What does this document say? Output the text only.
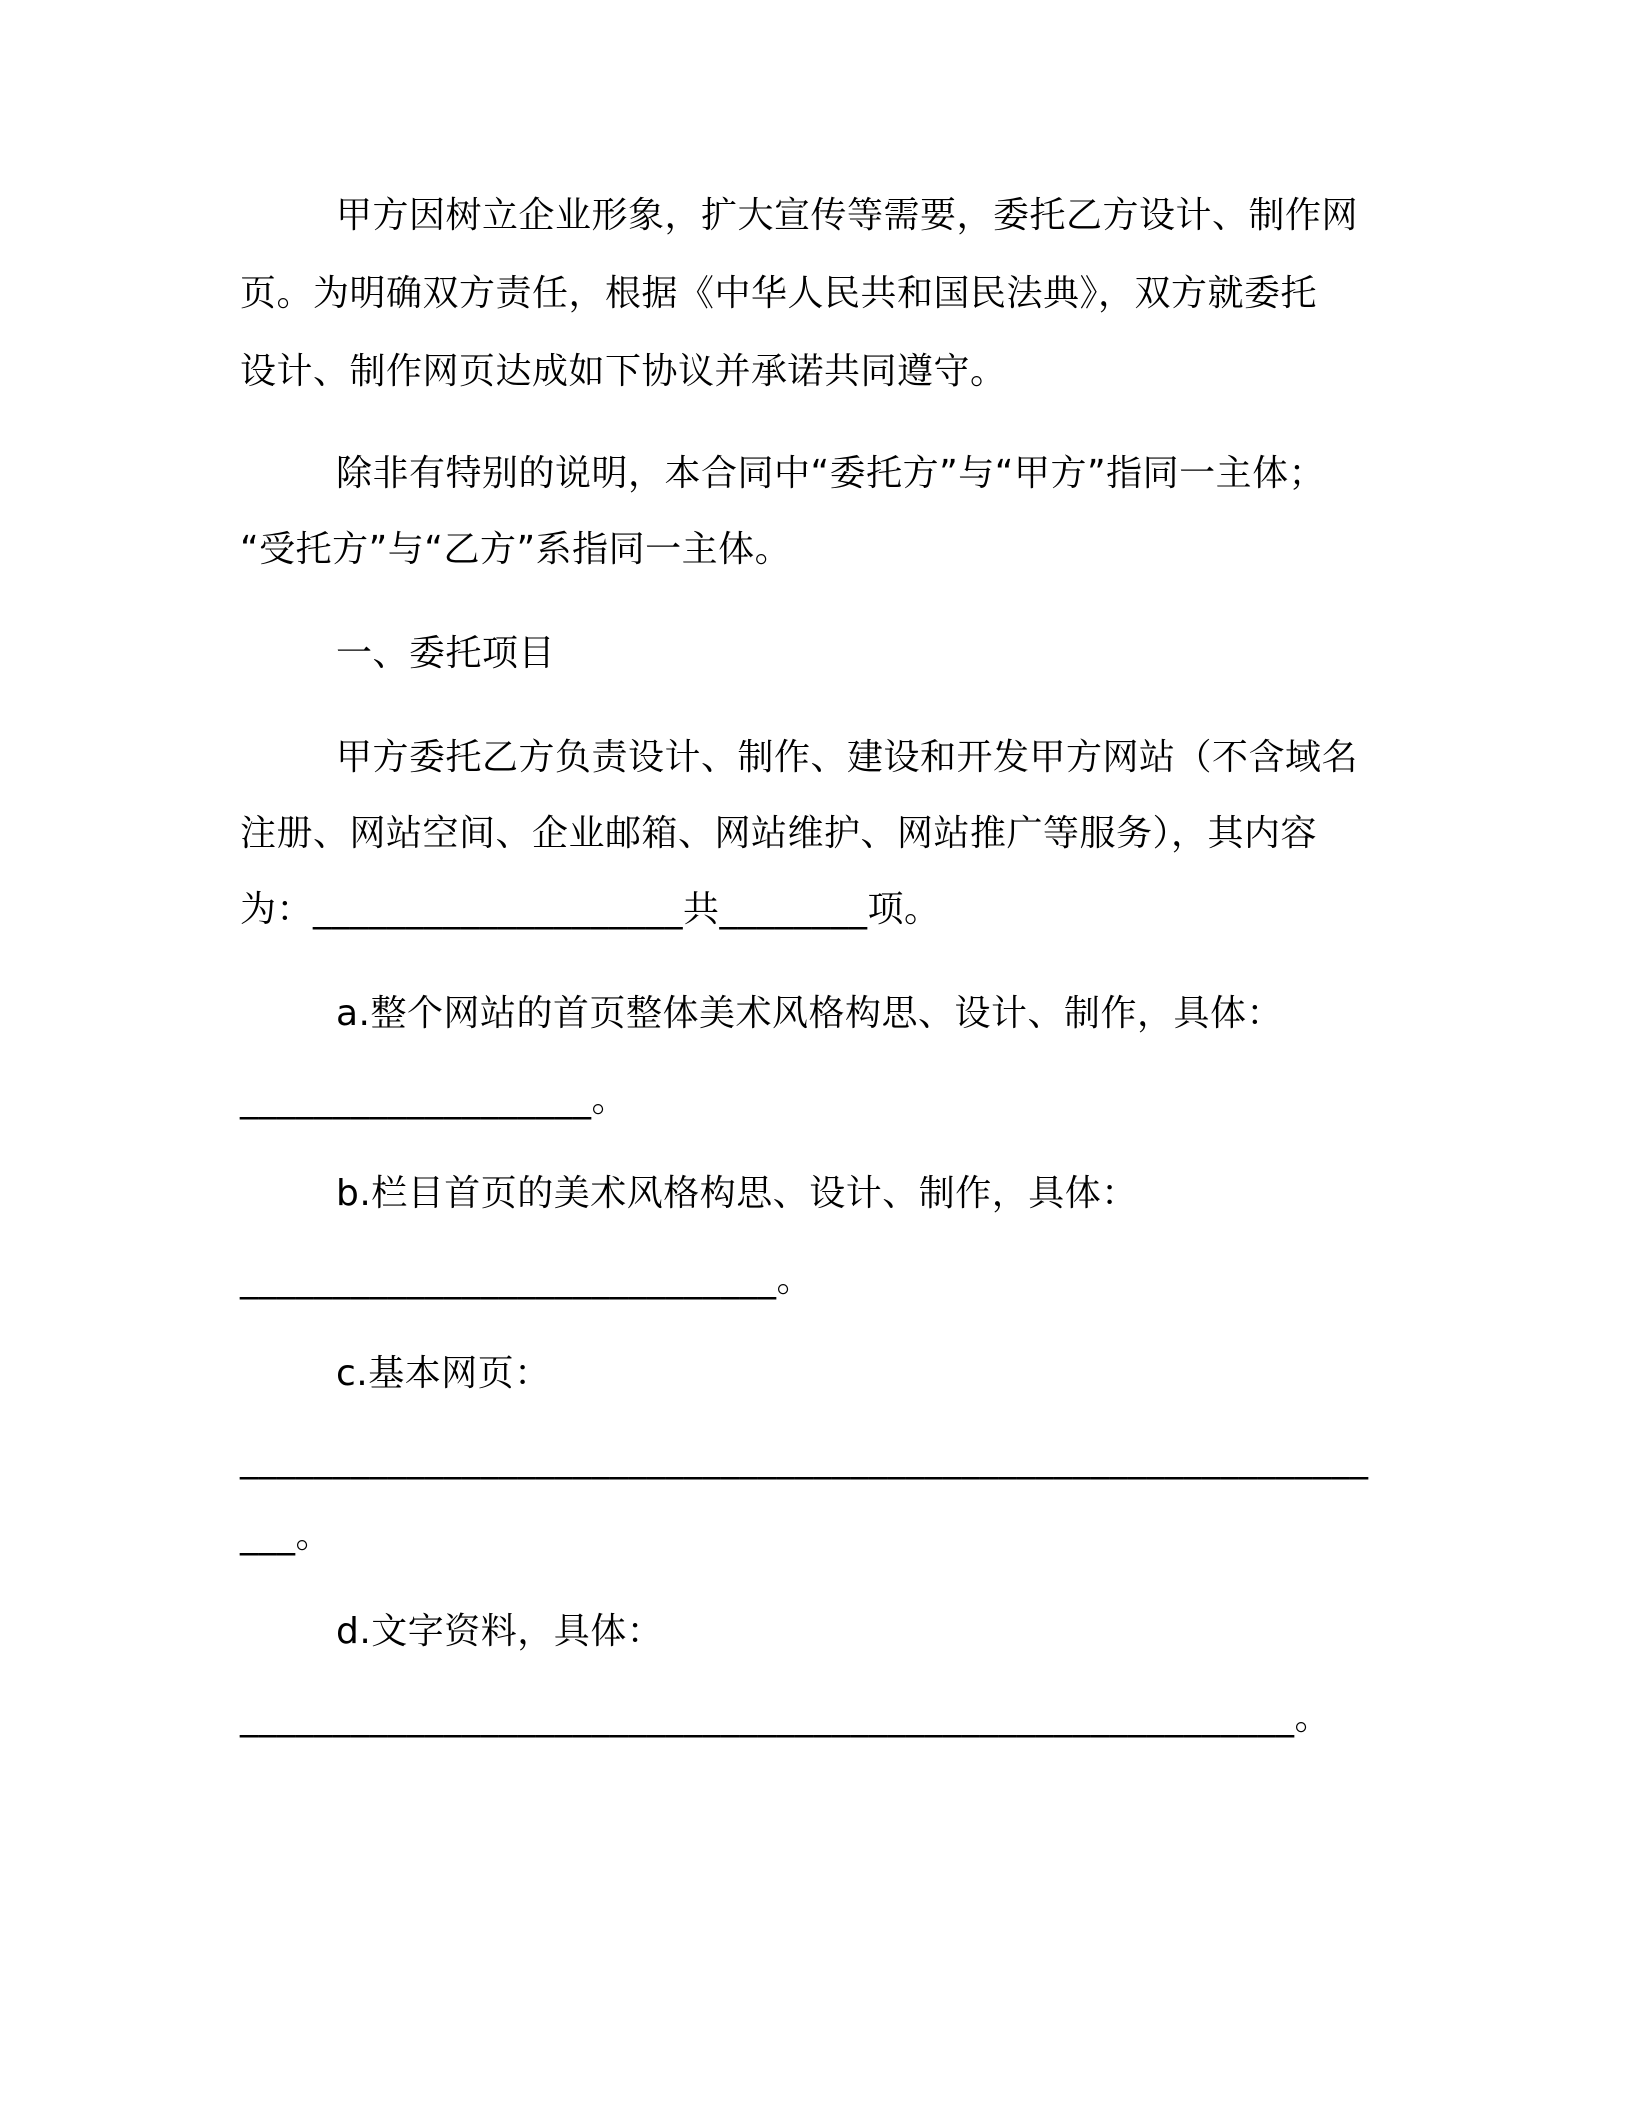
甲方因树立企业形象，扩大宣传等需要，委托乙方设计、制作网
页。为明确双方责任，根据《中华人民共和国民法典》，双方就委托
设计、制作网页达成如下协议并承诺共同遵守。
除非有特别的说明，本合同中“委托方”与“甲方”指同一主体；
“受托方”与“乙方”系指同一主体。
一、委托项目
甲方委托乙方负责设计、制作、建设和开发甲方网站（不含域名
注册、网站空间、企业邮箱、网站维护、网站推广等服务），其内容
为：____________________共________项。
a.整个网站的首页整体美术风格构思、设计、制作，具体：
___________________。
b.栏目首页的美术风格构思、设计、制作，具体：
_____________________________。
c.基本网页：
_____________________________________________________________
___。
d.文字资料，具体：
_________________________________________________________。
